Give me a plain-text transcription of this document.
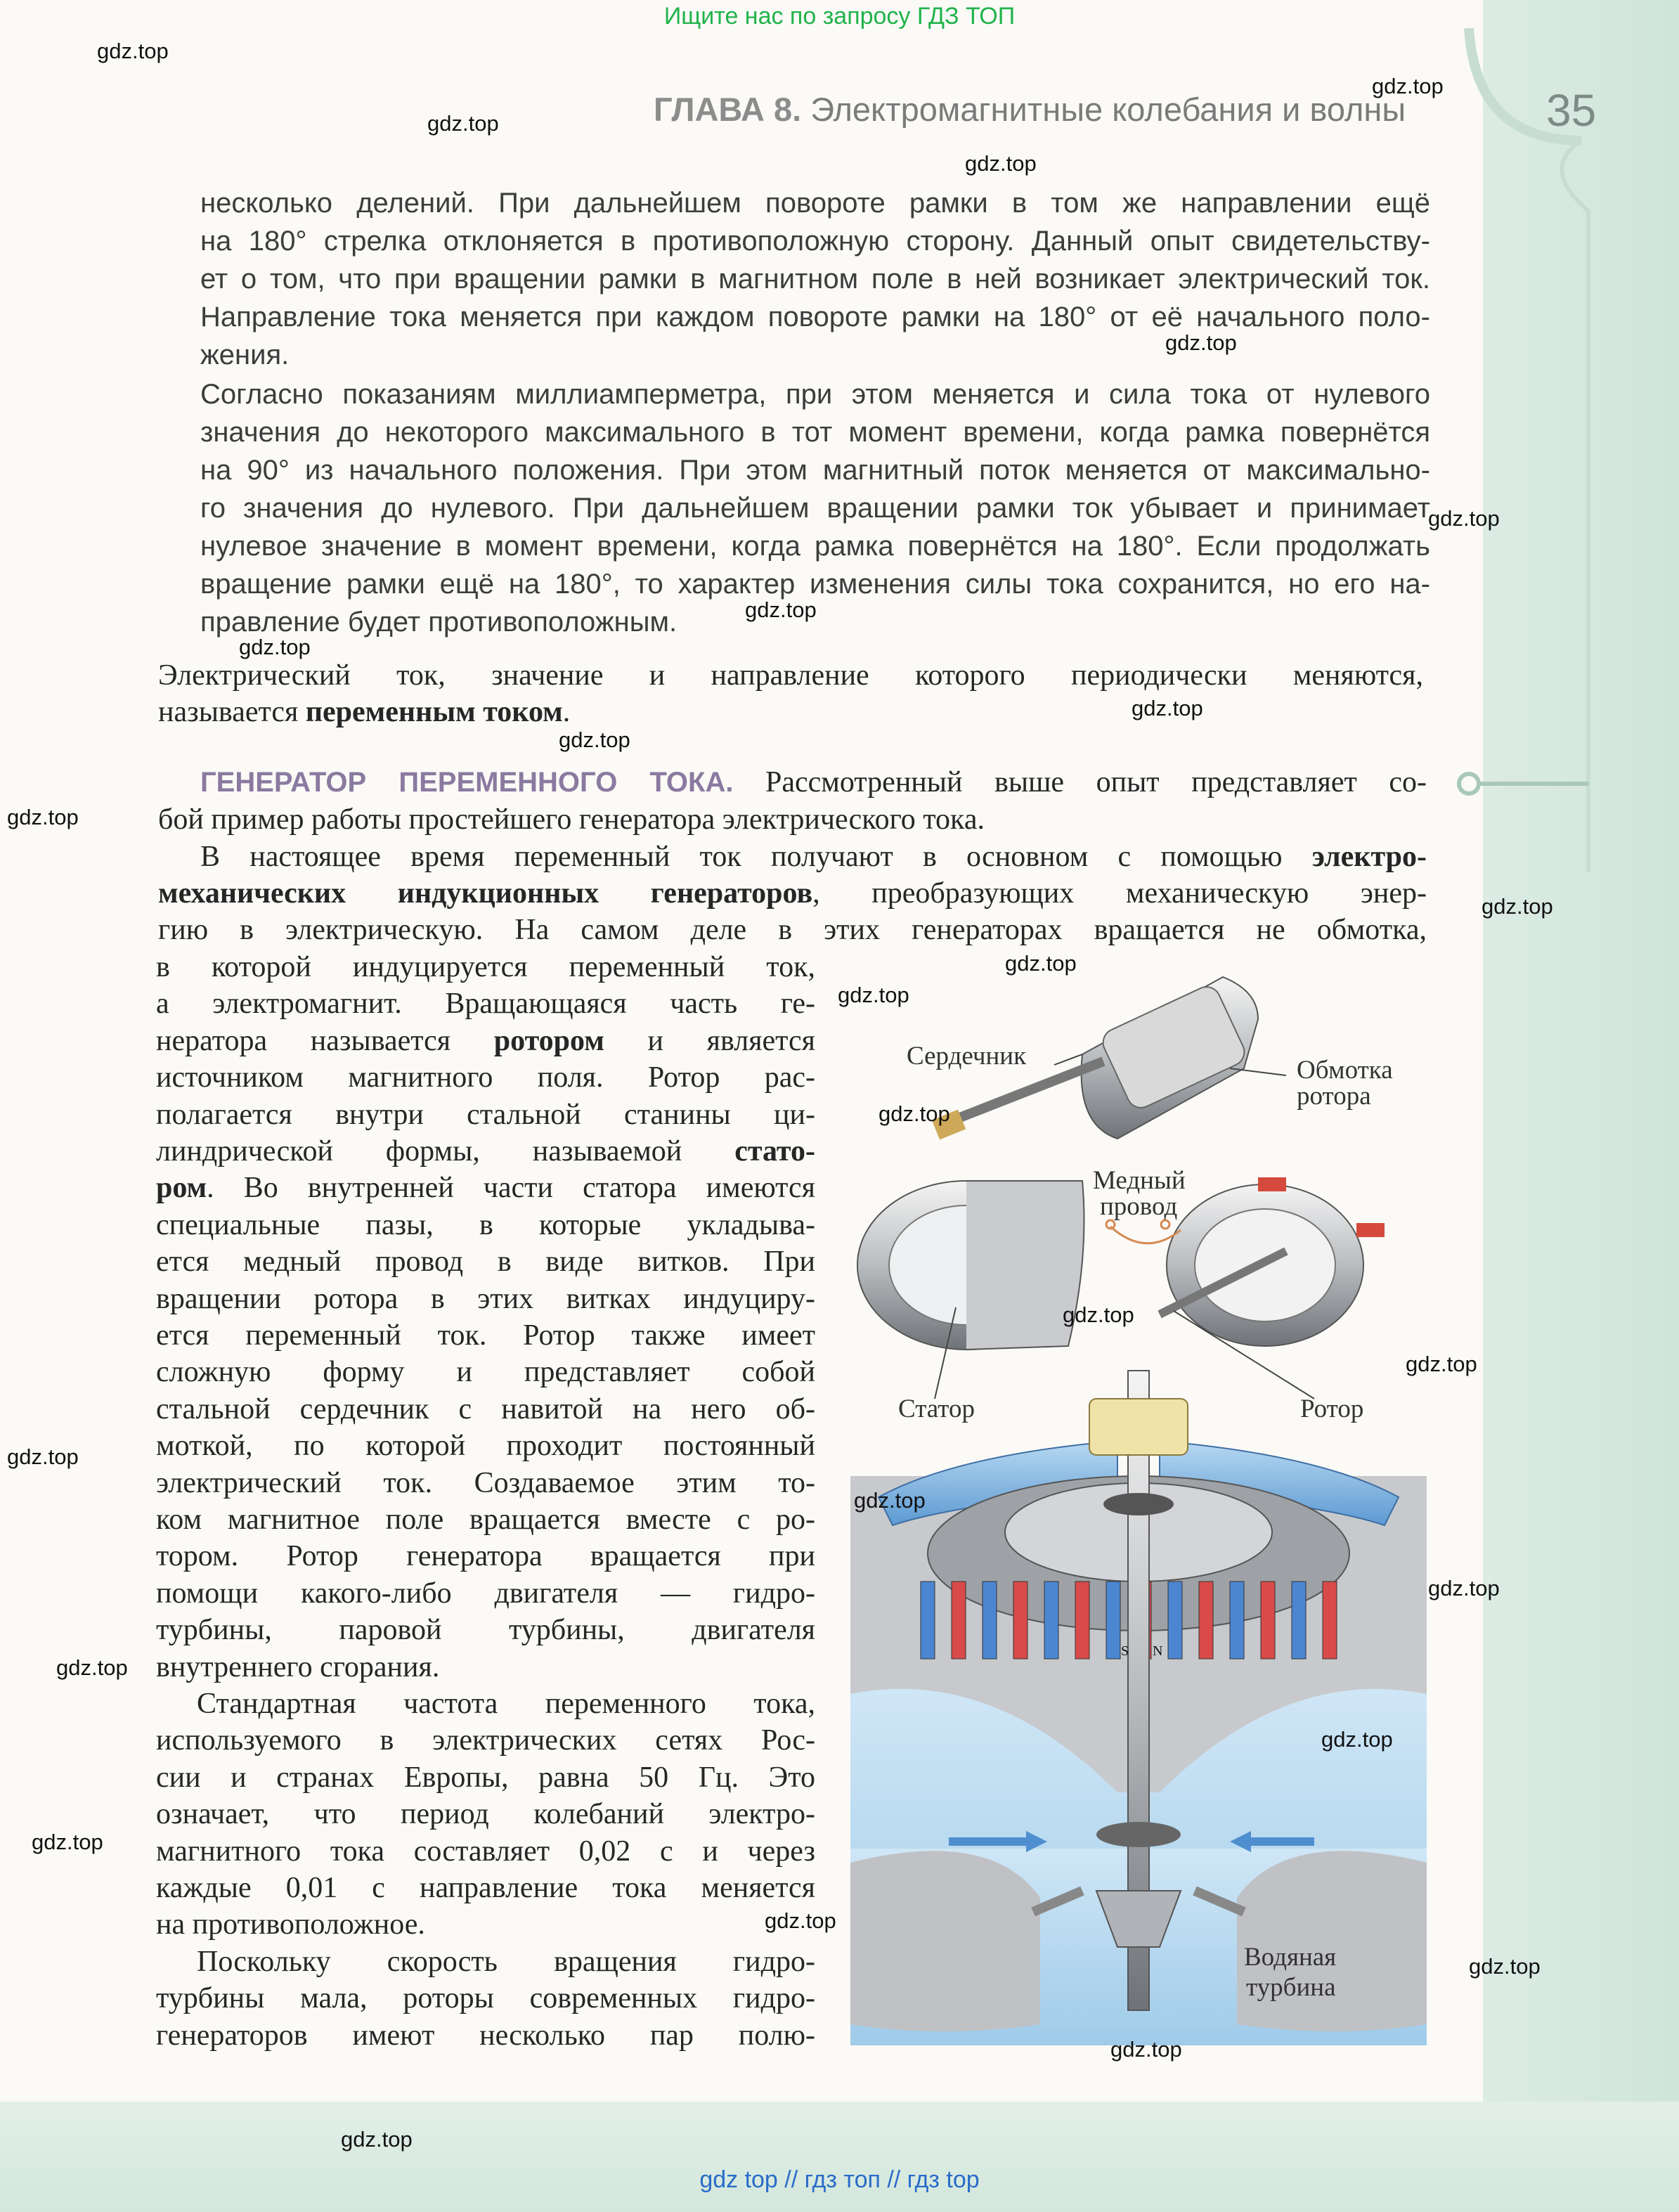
Ищите нас по запросу ГДЗ ТОП
ГЛАВА 8. Электромагнитные колебания и волны	35
несколько делений. При дальнейшем повороте рамки в том же направлении ещё
на 180° стрелка отклоняется в противоположную сторону. Данный опыт свидетельству-
ет о том, что при вращении рамки в магнитном поле в ней возникает электрический ток.
Направление тока меняется при каждом повороте рамки на 180° от её начального поло-
жения.
Согласно показаниям миллиамперметра, при этом меняется и сила тока от нулевого
значения до некоторого максимального в тот момент времени, когда рамка повернётся
на 90° из начального положения. При этом магнитный поток меняется от максимально-
го значения до нулевого. При дальнейшем вращении рамки ток убывает и принимает
нулевое значение в момент времени, когда рамка повернётся на 180°. Если продолжать
вращение рамки ещё на 180°, то характер изменения силы тока сохранится, но его на-
правление будет противоположным.
Электрический ток, значение и направление которого периодически меняются,
называется переменным током.
ГЕНЕРАТОР ПЕРЕМЕННОГО ТОКА. Рассмотренный выше опыт представляет со-
бой пример работы простейшего генератора электрического тока.
В настоящее время переменный ток получают в основном с помощью электро-
механических индукционных генераторов, преобразующих механическую энер-
гию в электрическую. На самом деле в этих генераторах вращается не обмотка,
в которой индуцируется переменный ток,
а электромагнит. Вращающаяся часть ге-
нератора называется ротором и является
источником магнитного поля. Ротор рас-
полагается внутри стальной станины ци-
линдрической формы, называемой стато-
ром. Во внутренней части статора имеются
специальные пазы, в которые укладыва-
ется медный провод в виде витков. При
вращении ротора в этих витках индуциру-
ется переменный ток. Ротор также имеет
сложную форму и представляет собой
стальной сердечник с навитой на него об-
моткой, по которой проходит постоянный
электрический ток. Создаваемое этим то-
ком магнитное поле вращается вместе с ро-
тором. Ротор генератора вращается при
помощи какого-либо двигателя — гидро-
турбины, паровой турбины, двигателя
внутреннего сгорания.
Стандартная частота переменного тока,
используемого в электрических сетях Рос-
сии и странах Европы, равна 50 Гц. Это
означает, что период колебаний электро-
магнитного тока составляет 0,02 с и через
каждые 0,01 с направление тока меняется
на противоположное.
Поскольку скорость вращения гидро-
турбины мала, роторы современных гидро-
генераторов имеют несколько пар полю-
S N
Сердечник	Обмотка
ротора
Медный
провод
Статор	Ротор
Водяная
турбина
gdz.top
gdz.top
gdz.top
gdz.top
gdz.top
gdz.top
gdz.top
gdz.top
gdz.top
gdz.top
gdz.top
gdz.top
gdz.top
gdz.top
gdz.top
gdz.top
gdz.top
gdz.top
gdz.top
gdz.top
gdz.top
gdz.top
gdz.top
gdz.top
gdz.top
gdz.top
gdz.top
gdz top // гдз топ // гдз top
